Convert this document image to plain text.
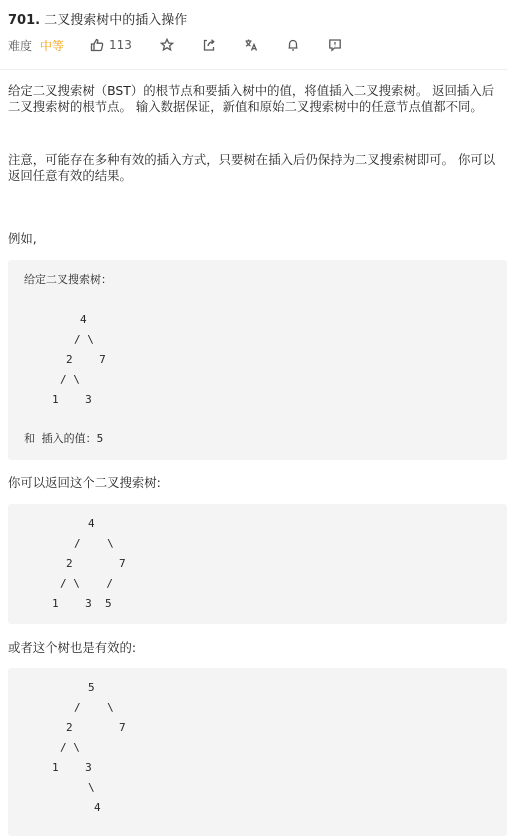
701. 二叉搜索树中的插入操作
难度 中等	113
给定二叉搜索树（BST）的根节点和要插入树中的值，将值插入二叉搜索树。 返回插入后二叉搜索树的根节点。 输入数据保证，新值和原始二叉搜索树中的任意节点值都不同。
注意，可能存在多种有效的插入方式，只要树在插入后仍保持为二叉搜索树即可。 你可以返回任意有效的结果。
例如,
给定二叉搜索树：
4
/ \
2    7
/ \
1    3
和 插入的值：5
你可以返回这个二叉搜索树:
4
/    \
2       7
/ \    /
1    3  5
或者这个树也是有效的:
5
/    \
2       7
/ \
1    3
\
4
